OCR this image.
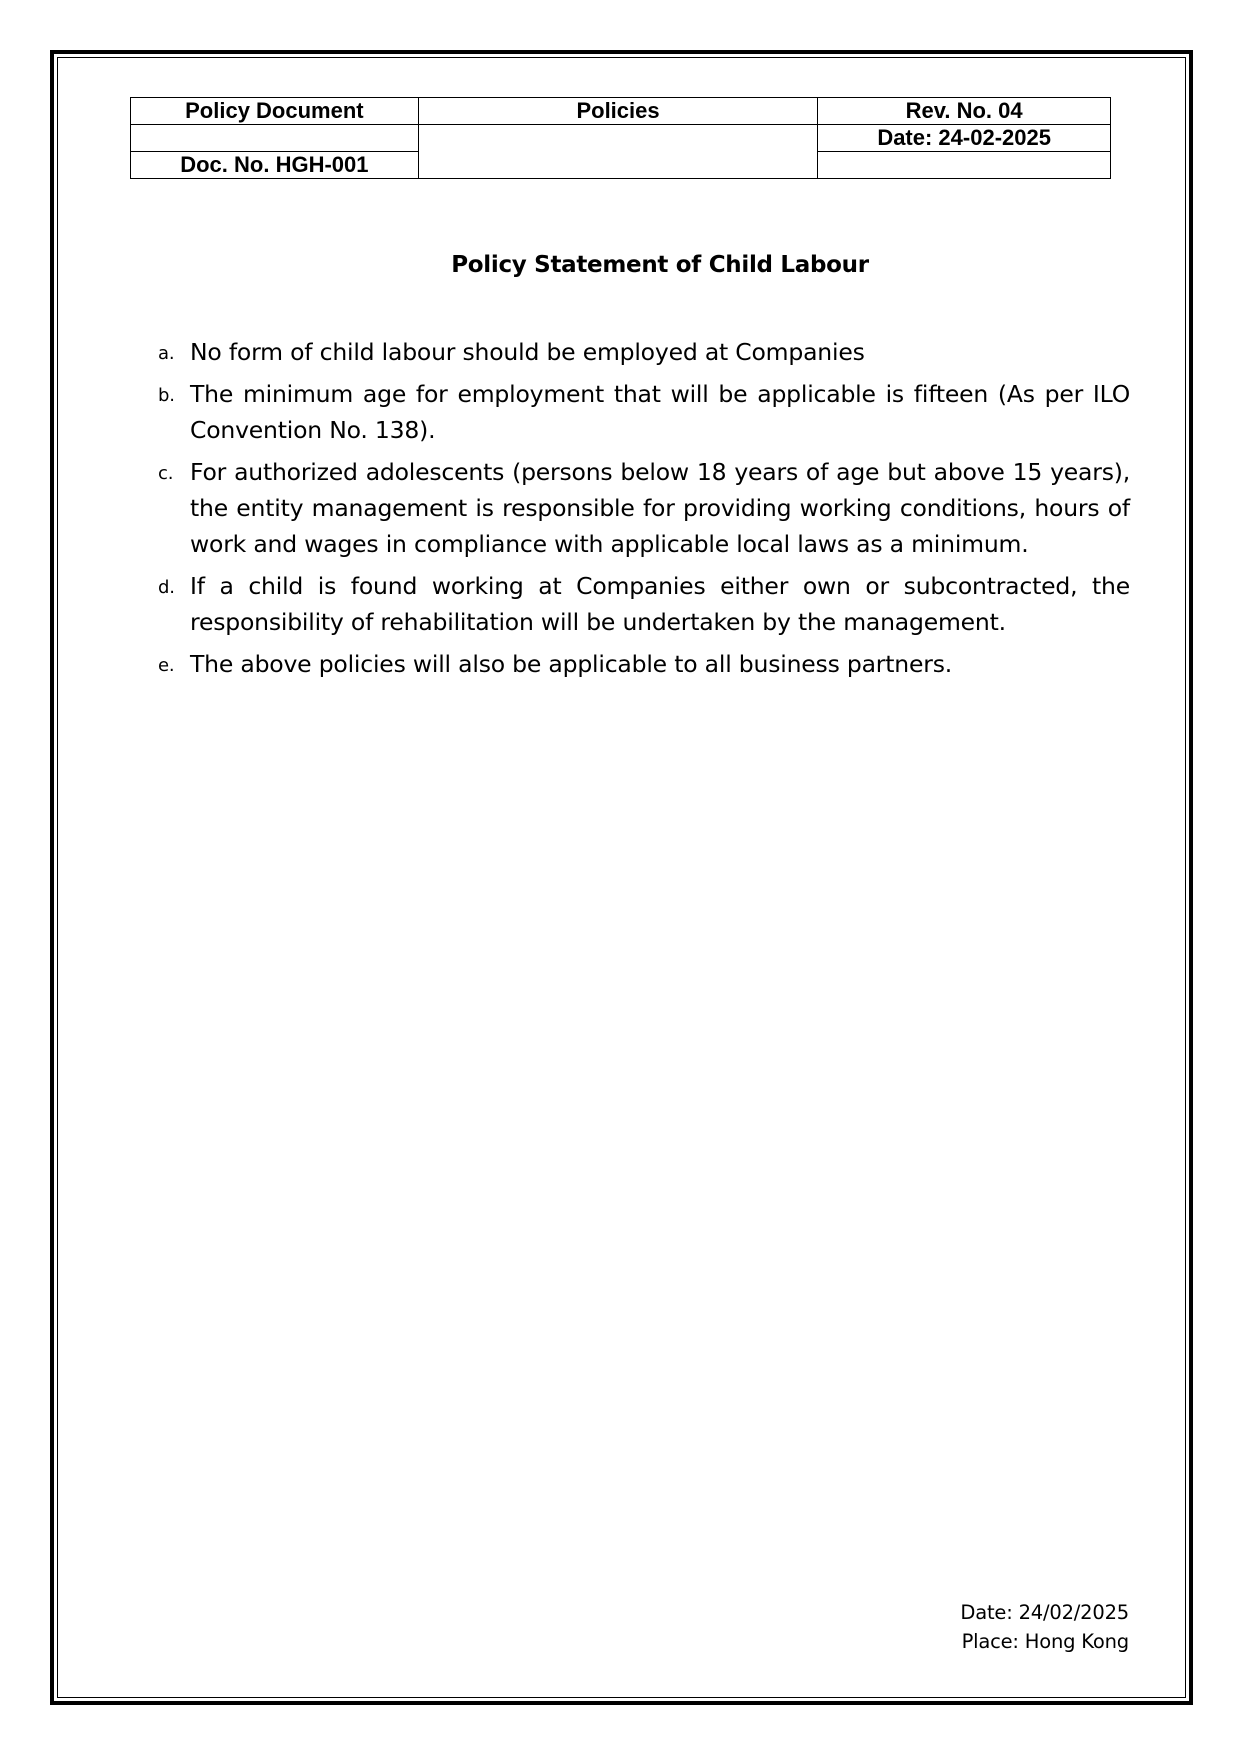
Policy Document	Policies	Rev. No. 04
		Date: 24-02-2025
Doc. No. HGH-001		
Policy Statement of Child Labour
a. No form of child labour should be employed at Companies
b. The minimum age for employment that will be applicable is fifteen (As per ILO Convention No. 138).
c. For authorized adolescents (persons below 18 years of age but above 15 years), the entity management is responsible for providing working conditions, hours of work and wages in compliance with applicable local laws as a minimum.
d. If a child is found working at Companies either own or subcontracted, the responsibility of rehabilitation will be undertaken by the management.
e. The above policies will also be applicable to all business partners.
Date: 24/02/2025
Place: Hong Kong
